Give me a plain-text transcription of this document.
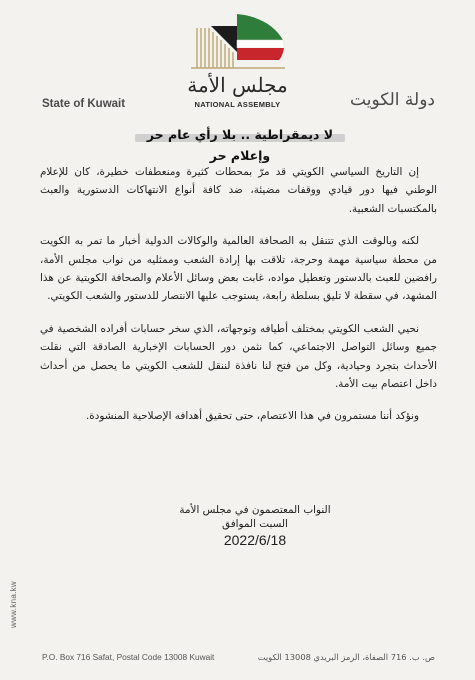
مجلس الأمة
NATIONAL ASSEMBLY
State of Kuwait	دولة الكويت
لا ديمقراطية .. بلا رأي عام حر وإعلام حر

إن التاريخ السياسي الكويتي قد مرّ بمحطات كثيرة ومنعطفات خطيرة، كان للإعلام الوطني فيها دور قيادي ووقفات مضيئة، ضد كافة أنواع الانتهاكات الدستورية والعبث بالمكتسبات الشعبية.

لكنه وبالوقت الذي تتنقل به الصحافة العالمية والوكالات الدولية أخبار ما تمر به الكويت من محطة سياسية مهمة وحرجة، تلاقت بها إرادة الشعب وممثليه من نواب مجلس الأمة، رافضين للعبث بالدستور وتعطيل مواده، غابت بعض وسائل الأعلام والصحافة الكويتية عن هذا المشهد، في سقطة لا تليق بسلطة رابعة، يستوجب عليها الانتصار للدستور والشعب الكويتي.

نحيي الشعب الكويتي بمختلف أطيافه وتوجهاته، الذي سخر حسابات أفراده الشخصية في جميع وسائل التواصل الاجتماعي، كما نثمن دور الحسابات الإخبارية الصادقة التي نقلت الأحداث بتجرد وحيادية، وكل من فتح لنا نافذة لننقل للشعب الكويتي ما يحصل من أحداث داخل اعتصام بيت الأمة.

ونؤكد أننا مستمرون في هذا الاعتصام، حتى تحقيق أهدافه الإصلاحية المنشودة.

النواب المعتصمون في مجلس الأمة
السبت الموافق
2022/6/18
www.kna.kw
P.O. Box 716 Safat, Postal Code 13008 Kuwait	ص. ب. 716 الصفاة، الرمز البريدي 13008 الكويت
